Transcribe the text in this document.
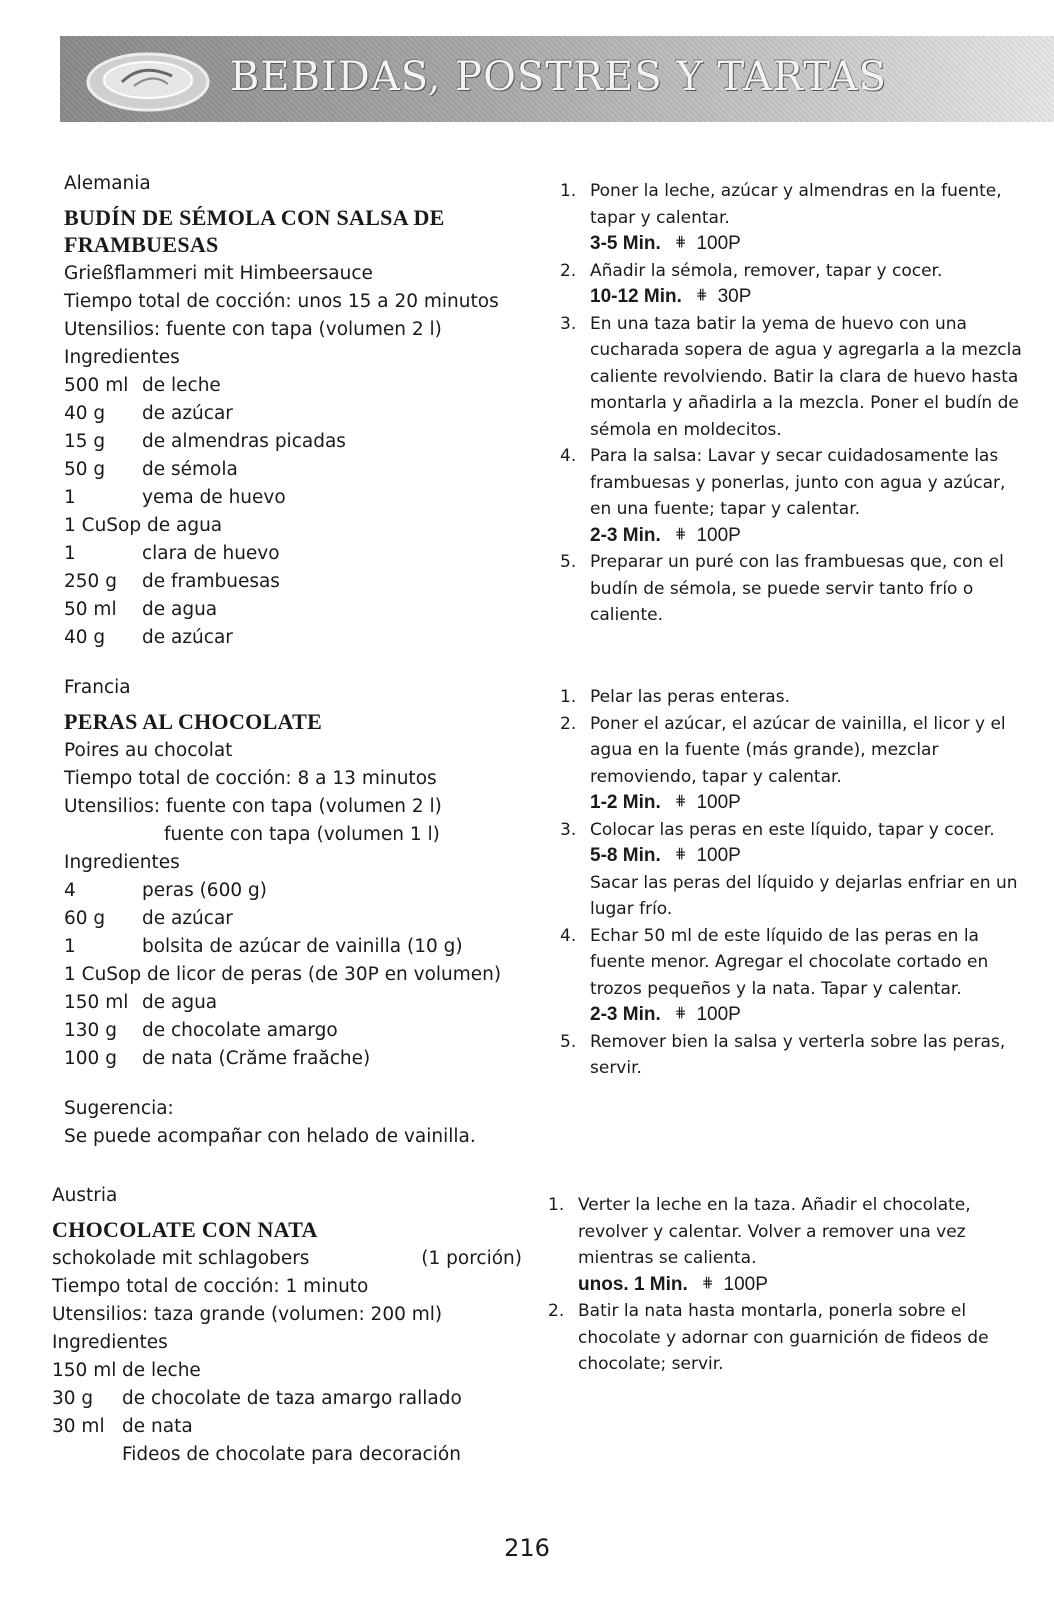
BEBIDAS, POSTRES Y TARTAS

Alemania

BUDÍN DE SÉMOLA CON SALSA DE
FRAMBUESAS

Grießflammeri mit Himbeersauce

Tiempo total de cocción: unos 15 a 20 minutos

Utensilios: fuente con tapa (volumen 2 l)

Ingredientes

500 ml de leche
40 g	de azúcar
15 g	de almendras picadas
50 g	de sémola
1	yema de huevo
1 CuSop de agua
1	clara de huevo
250 g	de frambuesas
50 ml	de agua
40 g	de azúcar
1. Poner la leche, azúcar y almendras en la fuente, tapar y calentar.
3-5 Min. ⋕ 100P
2. Añadir la sémola, remover, tapar y cocer.
10-12 Min. ⋕ 30P
3. En una taza batir la yema de huevo con una cucharada sopera de agua y agregarla a la mezcla caliente revolviendo. Batir la clara de huevo hasta montarla y añadirla a la mezcla. Poner el budín de sémola en moldecitos.
4. Para la salsa: Lavar y secar cuidadosamente las frambuesas y ponerlas, junto con agua y azúcar, en una fuente; tapar y calentar.
2-3 Min. ⋕ 100P
5. Preparar un puré con las frambuesas que, con el budín de sémola, se puede servir tanto frío o caliente.

Francia

PERAS AL CHOCOLATE

Poires au chocolat

Tiempo total de cocción: 8 a 13 minutos

Utensilios: fuente con tapa (volumen 2 l)

fuente con tapa (volumen 1 l)

Ingredientes

4	peras (600 g)
60 g	de azúcar
1	bolsita de azúcar de vainilla (10 g)
1 CuSop de licor de peras (de 30P en volumen)
150 ml de agua
130 g	de chocolate amargo
100 g	de nata (Crăme fraăche)

Sugerencia:

Se puede acompañar con helado de vainilla.

1. Pelar las peras enteras.
2. Poner el azúcar, el azúcar de vainilla, el licor y el agua en la fuente (más grande), mezclar removiendo, tapar y calentar.
1-2 Min. ⋕ 100P
3. Colocar las peras en este líquido, tapar y cocer.
5-8 Min. ⋕ 100P
Sacar las peras del líquido y dejarlas enfriar en un lugar frío.
4. Echar 50 ml de este líquido de las peras en la fuente menor. Agregar el chocolate cortado en trozos pequeños y la nata. Tapar y calentar.
2-3 Min. ⋕ 100P
5. Remover bien la salsa y verterla sobre las peras, servir.

Austria

CHOCOLATE CON NATA

schokolade mit schlagobers	(1 porción)

Tiempo total de cocción: 1 minuto

Utensilios: taza grande (volumen: 200 ml)

Ingredientes

150 ml de leche
30 g	de chocolate de taza amargo rallado
30 ml de nata
Fideos de chocolate para decoración
1. Verter la leche en la taza. Añadir el chocolate, revolver y calentar. Volver a remover una vez mientras se calienta.
unos. 1 Min. ⋕ 100P
2. Batir la nata hasta montarla, ponerla sobre el chocolate y adornar con guarnición de fideos de chocolate; servir.
216
